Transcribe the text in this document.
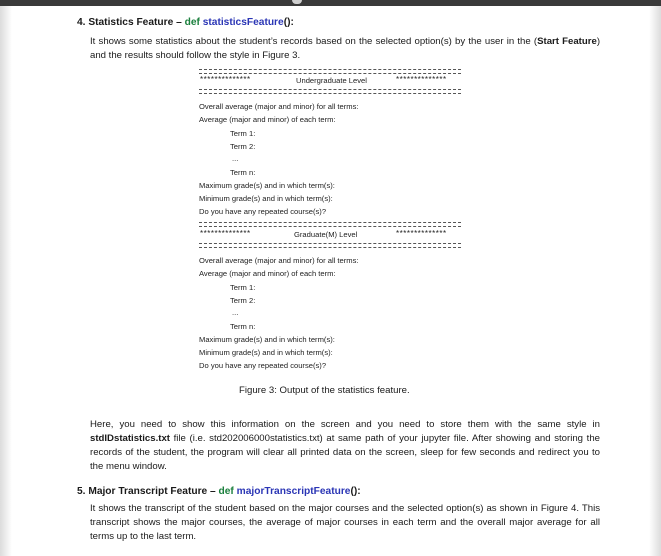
4. Statistics Feature – def statisticsFeature():
It shows some statistics about the student’s records based on the selected option(s) by the user in the (Start Feature) and the results should follow the style in Figure 3.
**************	Undergraduate Level	**************
Overall average (major and minor) for all terms:
Average (major and minor) of each term:
Term 1:
Term 2:
...
Term n:
Maximum grade(s) and in which term(s):
Minimum grade(s) and in which term(s):
Do you have any repeated course(s)?
**************	Graduate(M) Level	**************
Overall average (major and minor) for all terms:
Average (major and minor) of each term:
Term 1:
Term 2:
...
Term n:
Maximum grade(s) and in which term(s):
Minimum grade(s) and in which term(s):
Do you have any repeated course(s)?
Figure 3: Output of the statistics feature.
Here, you need to show this information on the screen and you need to store them with the same style in stdIDstatistics.txt file (i.e. std202006000statistics.txt) at same path of your jupyter file. After showing and storing the records of the student, the program will clear all printed data on the screen, sleep for few seconds and redirect you to the menu window.
5. Major Transcript Feature – def majorTranscriptFeature():
It shows the transcript of the student based on the major courses and the selected option(s) as shown in Figure 4. This transcript shows the major courses, the average of major courses in each term and the overall major average for all terms up to the last term.
